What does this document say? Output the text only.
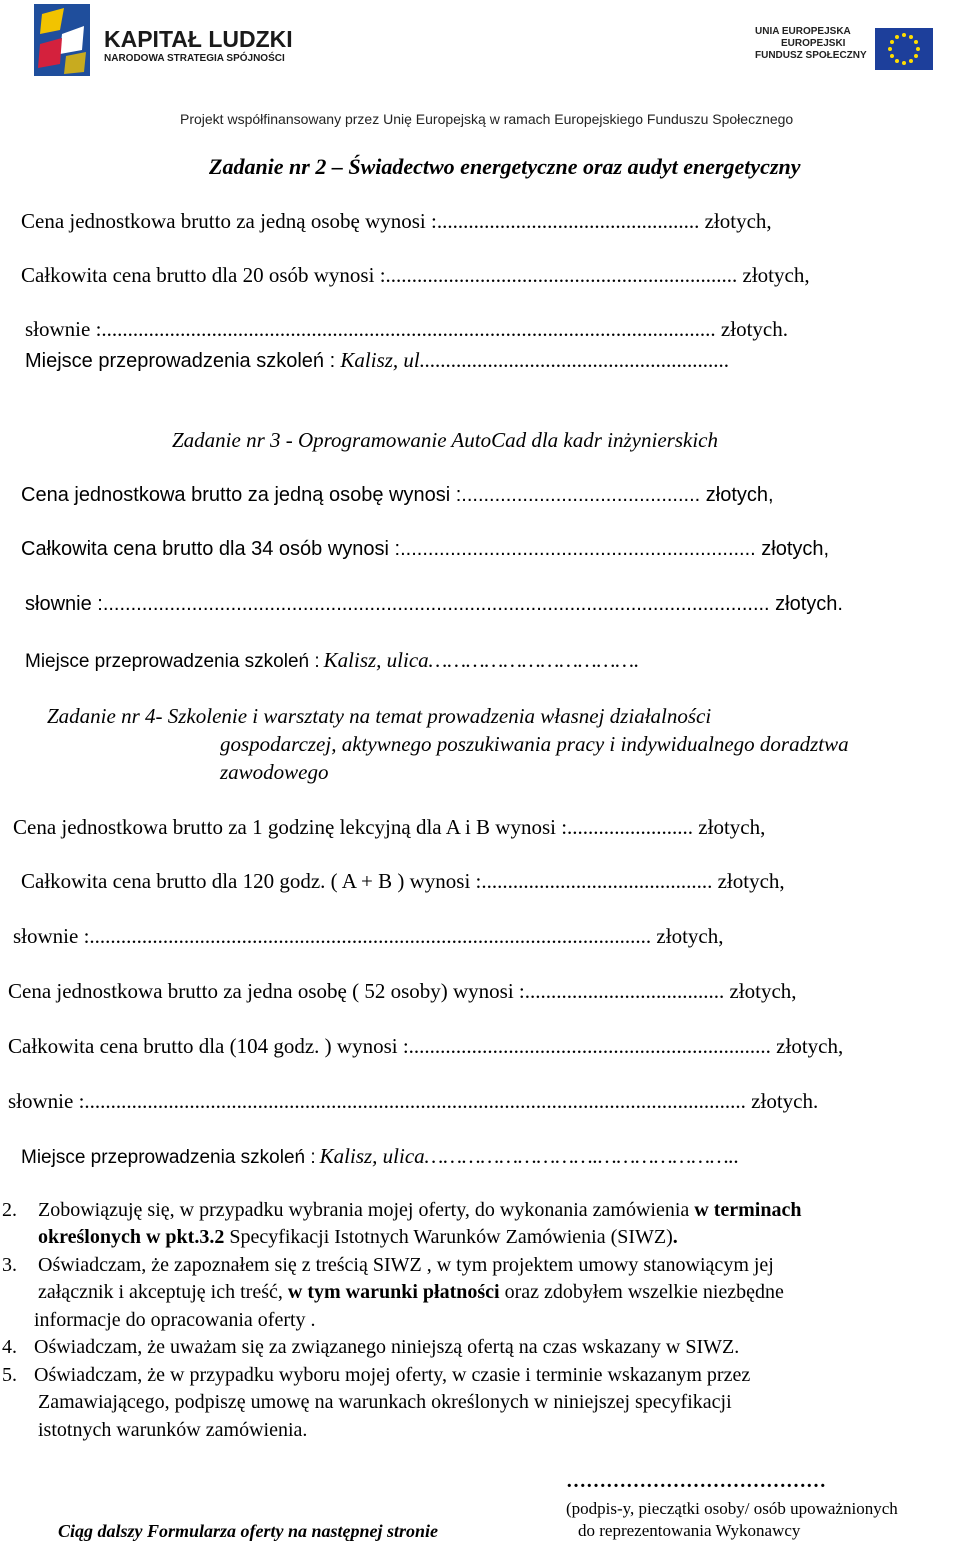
KAPITAŁ LUDZKI
NARODOWA STRATEGIA SPÓJNOŚCI
UNIA EUROPEJSKA
EUROPEJSKI
FUNDUSZ SPOŁECZNY
Projekt współfinansowany przez Unię Europejską w ramach Europejskiego Funduszu Społecznego
Zadanie nr 2 – Świadectwo energetyczne oraz audyt energetyczny
Cena jednostkowa brutto za jedną osobę wynosi :.................................................. złotych,
Całkowita cena brutto dla 20 osób wynosi :................................................................... złotych,
słownie :..................................................................................................................... złotych.
Miejsce przeprowadzenia szkoleń : Kalisz, ul...........................................................
Zadanie nr 3 - Oprogramowanie AutoCad dla kadr inżynierskich
Cena jednostkowa brutto za jedną osobę wynosi :........................................... złotych,
Całkowita cena brutto dla 34 osób wynosi :................................................................ złotych,
słownie :........................................................................................................................ złotych.
Miejsce przeprowadzenia szkoleń : Kalisz, ulica…………………………….
Zadanie nr 4- Szkolenie i warsztaty na temat prowadzenia własnej działalności
gospodarczej, aktywnego poszukiwania pracy i indywidualnego doradztwa
zawodowego
Cena jednostkowa brutto za 1 godzinę lekcyjną dla A i B wynosi :........................ złotych,
Całkowita cena brutto dla 120 godz. ( A + B ) wynosi :............................................ złotych,
słownie :........................................................................................................... złotych,
Cena jednostkowa brutto za jedna osobę ( 52 osoby) wynosi :...................................... złotych,
Całkowita cena brutto dla (104 godz. ) wynosi :..................................................................... złotych,
słownie :.............................................................................................................................. złotych.
Miejsce przeprowadzenia szkoleń : Kalisz, ulica……………………….…………………..
2. Zobowiązuję się, w przypadku wybrania mojej oferty, do wykonania zamówienia w terminach
określonych w pkt.3.2 Specyfikacji Istotnych Warunków Zamówienia (SIWZ).
3. Oświadczam, że zapoznałem się z treścią SIWZ , w tym projektem umowy stanowiącym jej
załącznik i akceptuję ich treść, w tym warunki płatności oraz zdobyłem wszelkie niezbędne
informacje do opracowania oferty .
4. Oświadczam, że uważam się za związanego niniejszą ofertą na czas wskazany w SIWZ.
5. Oświadczam, że w przypadku wyboru mojej oferty, w czasie i terminie wskazanym przez
Zamawiającego, podpiszę umowę na warunkach określonych w niniejszej specyfikacji
istotnych warunków zamówienia.
…………………………………
(podpis-y, pieczątki osoby/ osób upoważnionych
do reprezentowania Wykonawcy
Ciąg dalszy Formularza oferty na następnej stronie
